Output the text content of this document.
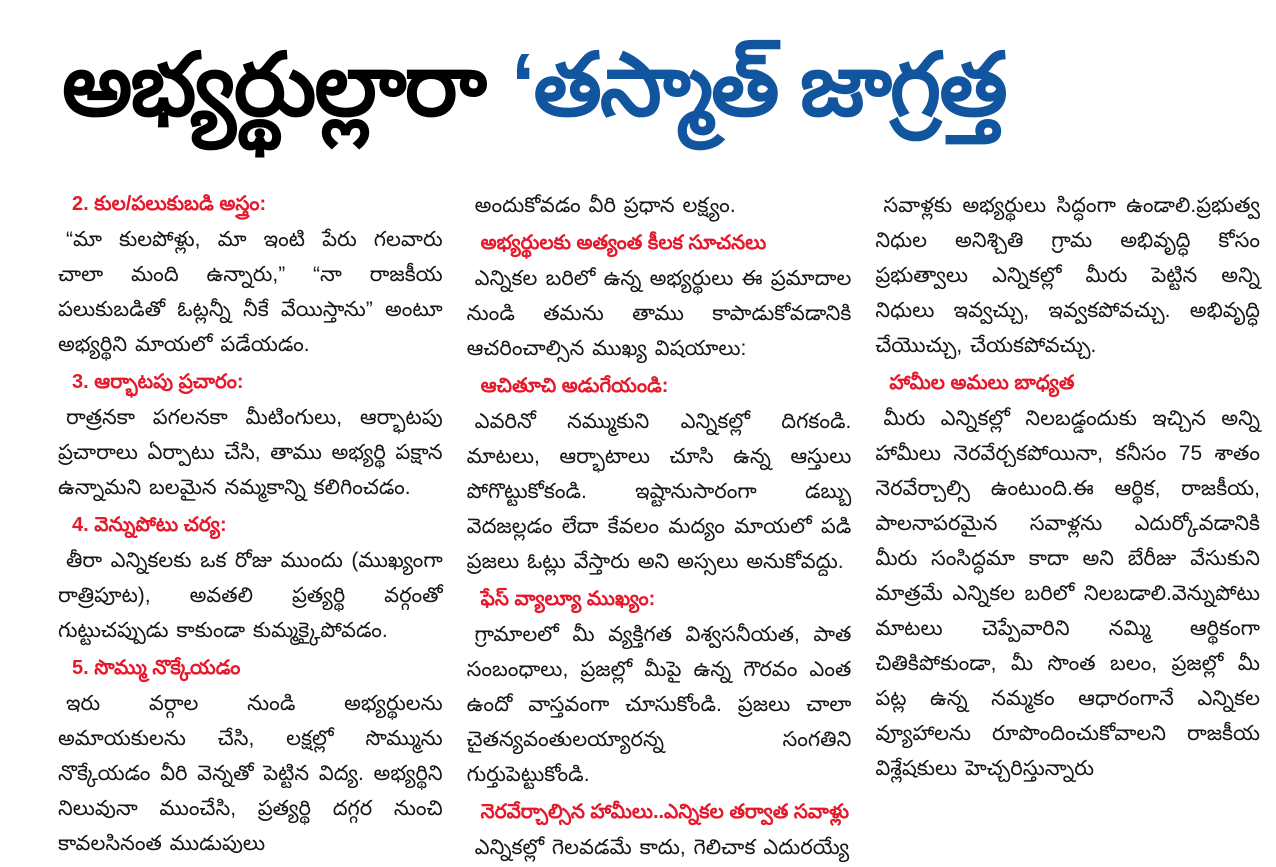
అభ్యర్థుల్లారా ‘తస్మాత్ జాగ్రత్త
2. కుల/పలుకుబడి అస్త్రం:

“మా కులపోళ్లు, మా ఇంటి పేరు గలవారు చాలా మంది ఉన్నారు,” “నా రాజకీయ పలుకుబడితో ఓట్లన్నీ నీకే వేయిస్తాను” అంటూ అభ్యర్థిని మాయలో పడేయడం.

3. ఆర్భాటపు ప్రచారం:

రాత్రనకా పగలనకా మీటింగులు, ఆర్భాటపు ప్రచారాలు ఏర్పాటు చేసి, తాము అభ్యర్థి పక్షాన ఉన్నామని బలమైన నమ్మకాన్ని కలిగించడం.

4. వెన్నుపోటు చర్య:

తీరా ఎన్నికలకు ఒక రోజు ముందు (ముఖ్యంగా రాత్రిపూట), అవతలి ప్రత్యర్థి వర్గంతో గుట్టుచప్పుడు కాకుండా కుమ్మక్కైపోవడం.

5. సొమ్ము నొక్కేయడం

ఇరు వర్గాల నుండి అభ్యర్థులను అమాయకులను చేసి, లక్షల్లో సొమ్మును నొక్కేయడం వీరి వెన్నతో పెట్టిన విద్య. అభ్యర్థిని నిలువునా ముంచేసి, ప్రత్యర్థి దగ్గర నుంచి కావలసినంత ముడుపులు

అందుకోవడం వీరి ప్రధాన లక్ష్యం.

అభ్యర్థులకు అత్యంత కీలక సూచనలు

ఎన్నికల బరిలో ఉన్న అభ్యర్థులు ఈ ప్రమాదాల నుండి తమను తాము కాపాడుకోవడానికి ఆచరించాల్సిన ముఖ్య విషయాలు:

ఆచితూచి అడుగేయండి:

ఎవరినో నమ్ముకుని ఎన్నికల్లో దిగకండి. మాటలు, ఆర్భాటాలు చూసి ఉన్న ఆస్తులు పోగొట్టుకోకండి. ఇష్టానుసారంగా డబ్బు వెదజల్లడం లేదా కేవలం మద్యం మాయలో పడి ప్రజలు ఓట్లు వేస్తారు అని అస్సలు అనుకోవద్దు.

ఫేస్ వ్యాల్యూ ముఖ్యం:

గ్రామాలలో మీ వ్యక్తిగత విశ్వసనీయత, పాత సంబంధాలు, ప్రజల్లో మీపై ఉన్న గౌరవం ఎంత ఉందో వాస్తవంగా చూసుకోండి. ప్రజలు చాలా చైతన్యవంతులయ్యారన్న సంగతిని గుర్తుపెట్టుకోండి.

నెరవేర్చాల్సిన హామీలు..ఎన్నికల తర్వాత సవాళ్లు

ఎన్నికల్లో గెలవడమే కాదు, గెలిచాక ఎదురయ్యే

సవాళ్లకు అభ్యర్థులు సిద్ధంగా ఉండాలి.ప్రభుత్వ నిధుల అనిశ్చితి గ్రామ అభివృద్ధి కోసం ప్రభుత్వాలు ఎన్నికల్లో మీరు పెట్టిన అన్ని నిధులు ఇవ్వచ్చు, ఇవ్వకపోవచ్చు. అభివృద్ధి చేయొచ్చు, చేయకపోవచ్చు.

హామీల అమలు బాధ్యత

మీరు ఎన్నికల్లో నిలబడ్డందుకు ఇచ్చిన అన్ని హామీలు నెరవేర్చకపోయినా, కనీసం 75 శాతం నెరవేర్చాల్సి ఉంటుంది.ఈ ఆర్థిక, రాజకీయ, పాలనాపరమైన సవాళ్లను ఎదుర్కోవడానికి మీరు సంసిద్ధమా కాదా అని బేరీజు వేసుకుని మాత్రమే ఎన్నికల బరిలో నిలబడాలి.వెన్నుపోటు మాటలు చెప్పేవారిని నమ్మి ఆర్థికంగా చితికిపోకుండా, మీ సొంత బలం, ప్రజల్లో మీ పట్ల ఉన్న నమ్మకం ఆధారంగానే ఎన్నికల వ్యూహాలను రూపొందించుకోవాలని రాజకీయ విశ్లేషకులు హెచ్చరిస్తున్నారు
